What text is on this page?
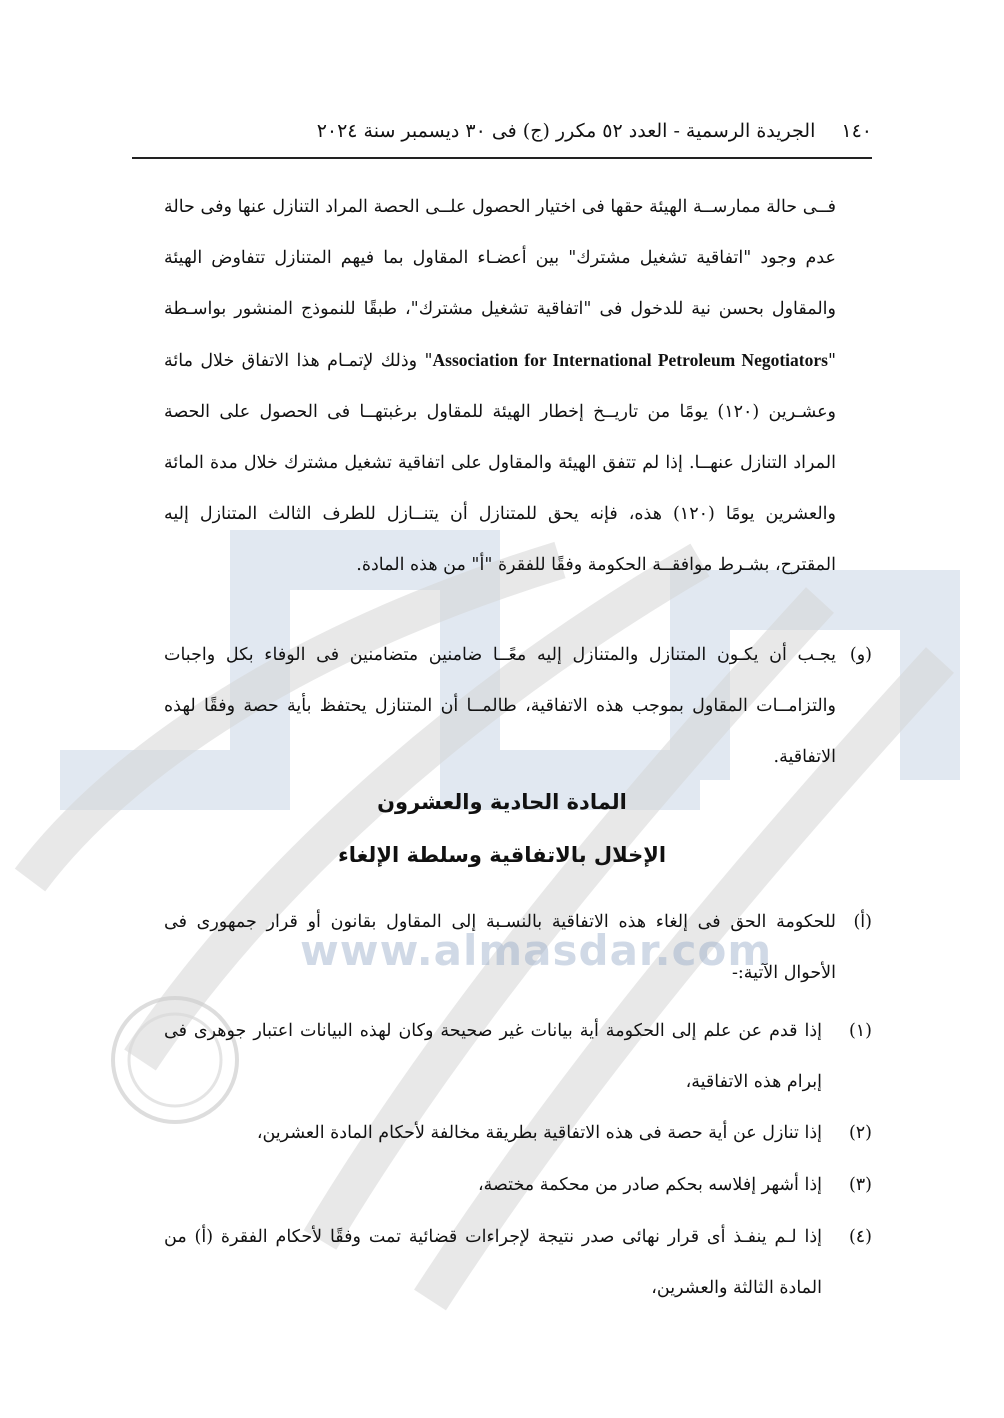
www.almasdar.com
١٤٠
الجريدة الرسمية - العدد ٥٢ مكرر (ج) فى ٣٠ ديسمبر سنة ٢٠٢٤
فــى حالة ممارســة الهيئة حقها فى اختيار الحصول علــى الحصة المراد التنازل عنها وفى حالة عدم وجود "اتفاقية تشغيل مشترك" بين أعضـاء المقاول بما فيهم المتنازل تتفاوض الهيئة والمقاول بحسن نية للدخول فى "اتفاقية تشغيل مشترك"، طبقًا للنموذج المنشور بواسـطة "Association for International Petroleum Negotiators" وذلك لإتمـام هذا الاتفاق خلال مائة وعشـرين (١٢٠) يومًا من تاريــخ إخطار الهيئة للمقاول برغبتهــا فى الحصول على الحصة المراد التنازل عنهــا. إذا لم تتفق الهيئة والمقاول على اتفاقية تشغيل مشترك خلال مدة المائة والعشرين يومًا (١٢٠) هذه، فإنه يحق للمتنازل أن يتنــازل للطرف الثالث المتنازل إليه المقترح، بشـرط موافقــة الحكومة وفقًا للفقرة "أ" من هذه المادة.
(و)
يجـب أن يكـون المتنازل والمتنازل إليه معًــا ضامنين متضامنين فى الوفاء بكل واجبات والتزامــات المقاول بموجب هذه الاتفاقية، طالمــا أن المتنازل يحتفظ بأية حصة وفقًا لهذه الاتفاقية.
المادة الحادية والعشرون
الإخلال بالاتفاقية وسلطة الإلغاء
(أ)
للحكومة الحق فى إلغاء هذه الاتفاقية بالنسـبة إلى المقاول بقانون أو قرار جمهورى فى الأحوال الآتية:-
(١)
إذا قدم عن علم إلى الحكومة أية بيانات غير صحيحة وكان لهذه البيانات اعتبار جوهرى فى إبرام هذه الاتفاقية،
(٢)
إذا تنازل عن أية حصة فى هذه الاتفاقية بطريقة مخالفة لأحكام المادة العشرين،
(٣)
إذا أشهر إفلاسه بحكم صادر من محكمة مختصة،
(٤)
إذا لـم ينفـذ أى قرار نهائى صدر نتيجة لإجراءات قضائية تمت وفقًا لأحكام الفقرة (أ) من المادة الثالثة والعشرين،
